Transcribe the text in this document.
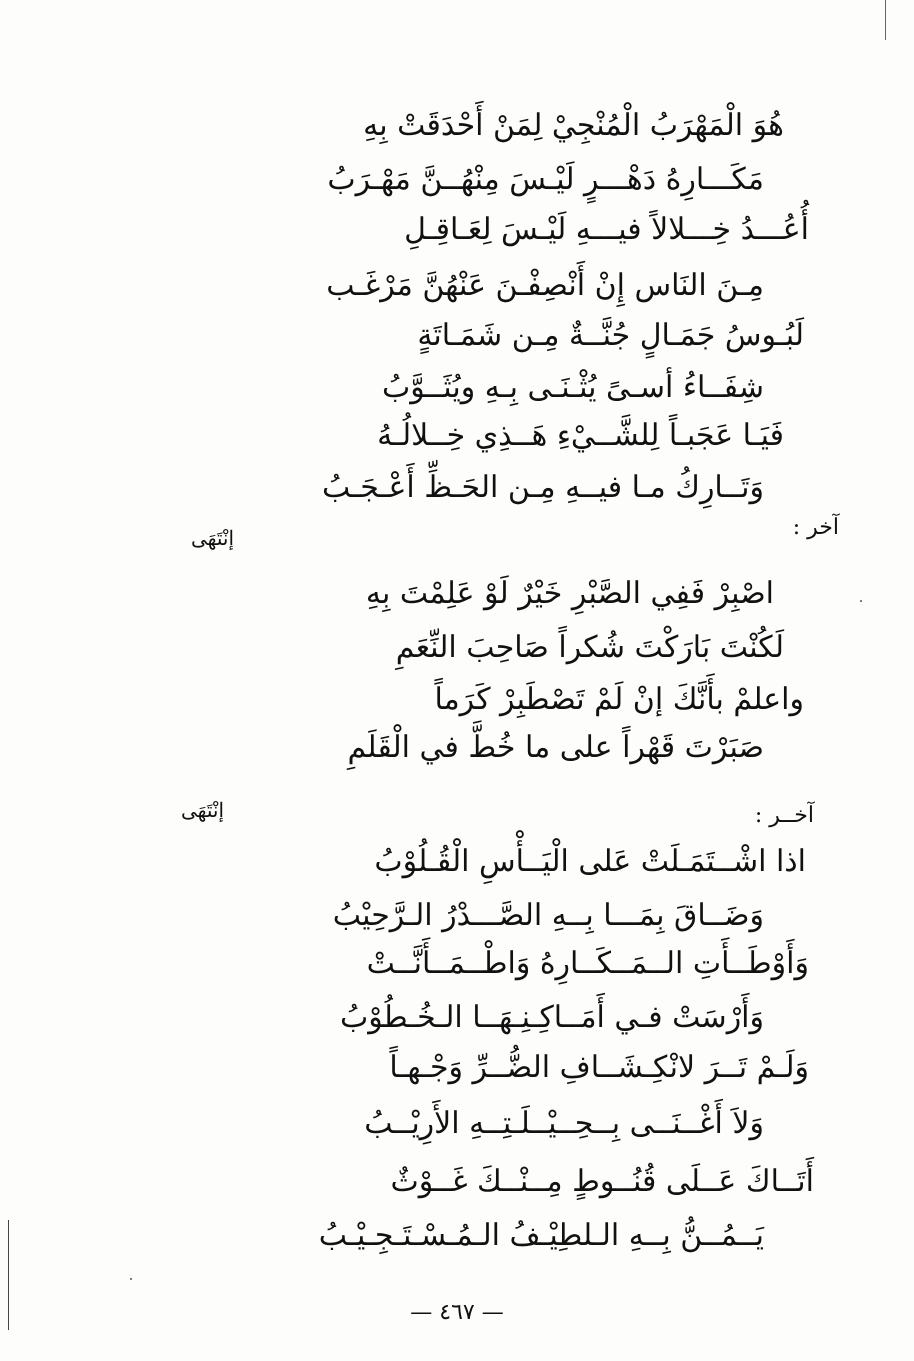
هُوَ الْمَهْرَبُ الْمُنْجِيْ لِمَنْ أَحْدَقَتْ بِهِ
مَكَـــارِهُ دَهْـــرٍ لَيْـسَ مِنْهُــنَّ مَهْـرَبُ
أُعُـــدُ خِـــلالاً فيـــهِ لَيْـسَ لِعَـاقِـلِ
مِـنَ النَاس إِنْ أَنْصِفْـنَ عَنْهُنَّ مَرْغَـب
لَبُـوسُ جَمَـالٍ جُنَّــةٌ مِـن شَمَـاتَةٍ
شِفَــاءُ أسـىً يُثْـنَـى بِـهِ ويُثَــوَّبُ
فَيَـا عَجَبـاً لِلشَّــيْءِ هَــذِي خِــلالُـهُ
وَتَــارِكُ مـا فيــهِ مِـن الحَـظِّ أَعْـجَـبُ
آخر :
إنْتَهَى
اصْبِرْ فَفِي الصَّبْرِ خَيْرٌ لَوْ عَلِمْتَ بِهِ
لَكُنْتَ بَارَكْتَ شُكراً صَاحِبَ النِّعَمِ
واعلمْ بأَنَّكَ إنْ لَمْ تَصْطَبِرْ كَرَماً
صَبَرْتَ قَهْراً على ما خُطَّ في الْقَلَمِ
إنْتَهَى	آخــر :
اذا اشْــتَمَـلَتْ عَلى الْيَــأْسِ الْقُـلُوْبُ
وَضَــاقَ بِمَـــا بِــهِ الصَّـــدْرُ الـرَّحِيْبُ
وَأَوْطَــأَتِ الــمَــكَــارِهُ وَاطْــمَــأَنَّــتْ
وَأَرْسَتْ فـي أَمَــاكِـنِـهَــا الـخُـطُوْبُ
وَلَـمْ تَــرَ لانْكِـشَــافِ الضُّــرِّ وَجْـهـاً
وَلاَ أَغْــنَــى بِــحِــيْــلَـتِــهِ الأَرِيْــبُ
أَتَــاكَ عَــلَى قُنُــوطٍ مِــنْــكَ غَــوْثٌ
يَــمُــنُّ بِــهِ الـلطِيْـفُ الـمُـسْـتَـجِـيْـبُ
— ٤٦٧ —
